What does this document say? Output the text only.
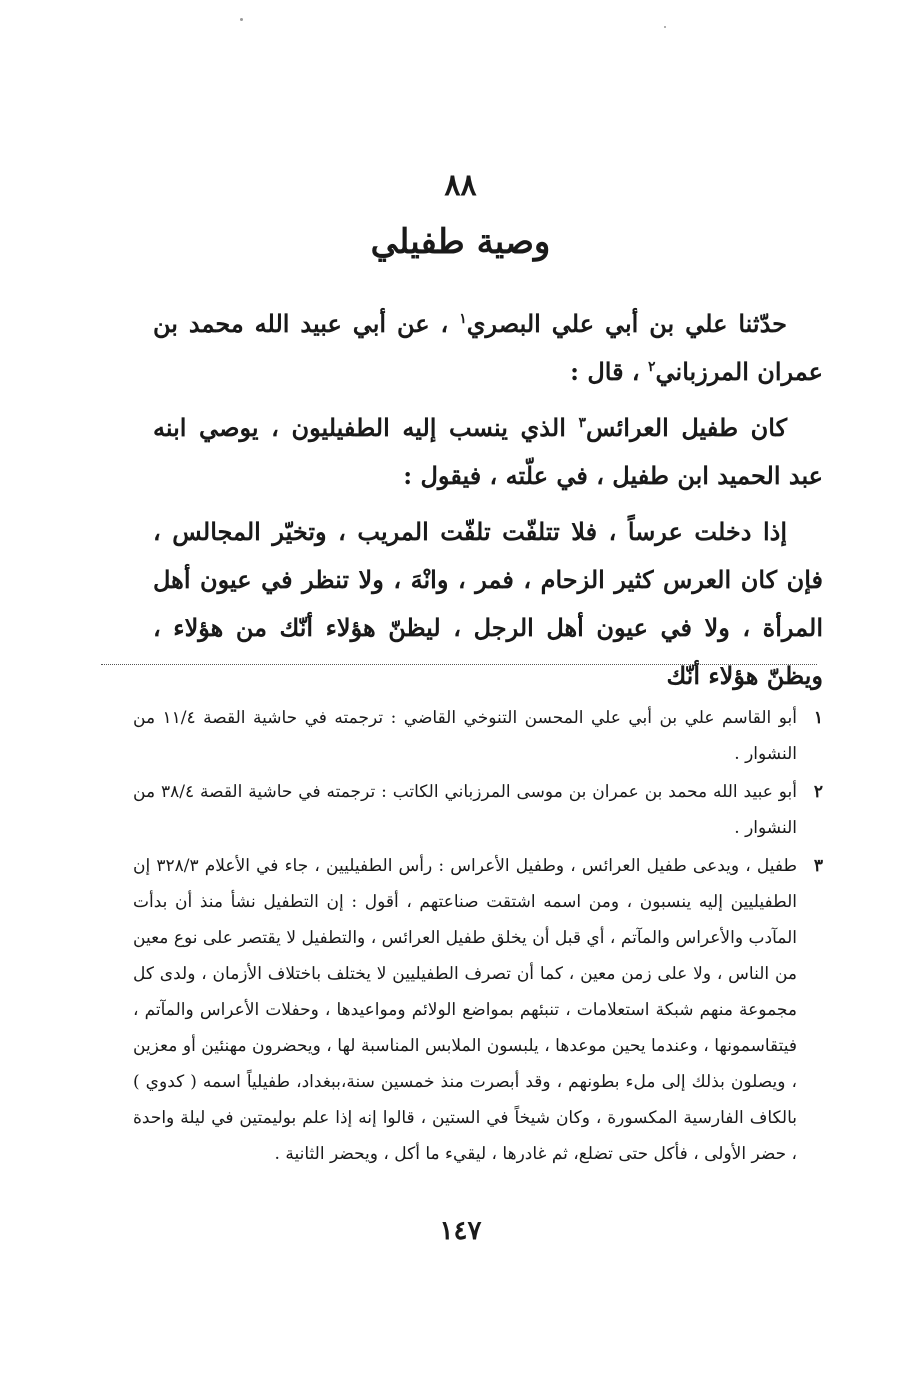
٨٨
وصية طفيلي

حدّثنا علي بن أبي علي البصري$^١$ ، عن أبي عبيد الله محمد بن عمران المرزباني$^٢$ ، قال :

كان طفيل العرائس$^٣$ الذي ينسب إليه الطفيليون ، يوصي ابنه عبد الحميد ابن طفيل ، في علّته ، فيقول :

إذا دخلت عرساً ، فلا تتلفّت تلفّت المريب ، وتخيّر المجالس ، فإن كان العرس كثير الزحام ، فمر ، وانْهَ ، ولا تنظر في عيون أهل المرأة ، ولا في عيون أهل الرجل ، ليظنّ هؤلاء أنّك من هؤلاء ، ويظنّ هؤلاء أنّك

١
أبو القاسم علي بن أبي علي المحسن التنوخي القاضي : ترجمته في حاشية القصة ١١/٤ من النشوار .
٢
أبو عبيد الله محمد بن عمران بن موسى المرزباني الكاتب : ترجمته في حاشية القصة ٣٨/٤ من النشوار .
٣
طفيل ، ويدعى طفيل العرائس ، وطفيل الأعراس : رأس الطفيليين ، جاء في الأعلام ٣٢٨/٣ إن الطفيليين إليه ينسبون ، ومن اسمه اشتقت صناعتهم ، أقول : إن التطفيل نشأ منذ أن بدأت المآدب والأعراس والمآتم ، أي قبل أن يخلق طفيل العرائس ، والتطفيل لا يقتصر على نوع معين من الناس ، ولا على زمن معين ، كما أن تصرف الطفيليين لا يختلف باختلاف الأزمان ، ولدى كل مجموعة منهم شبكة استعلامات ، تنبئهم بمواضع الولائم ومواعيدها ، وحفلات الأعراس والمآتم ، فيتقاسمونها ، وعندما يحين موعدها ، يلبسون الملابس المناسبة لها ، ويحضرون مهنئين أو معزين ، ويصلون بذلك إلى ملء بطونهم ، وقد أبصرت منذ خمسين سنة،ببغداد، طفيلياً اسمه ( كدوي ) بالكاف الفارسية المكسورة ، وكان شيخاً في الستين ، قالوا إنه إذا علم بوليمتين في ليلة واحدة ، حضر الأولى ، فأكل حتى تضلع، ثم غادرها ، ليقيء ما أكل ، ويحضر الثانية .
١٤٧
